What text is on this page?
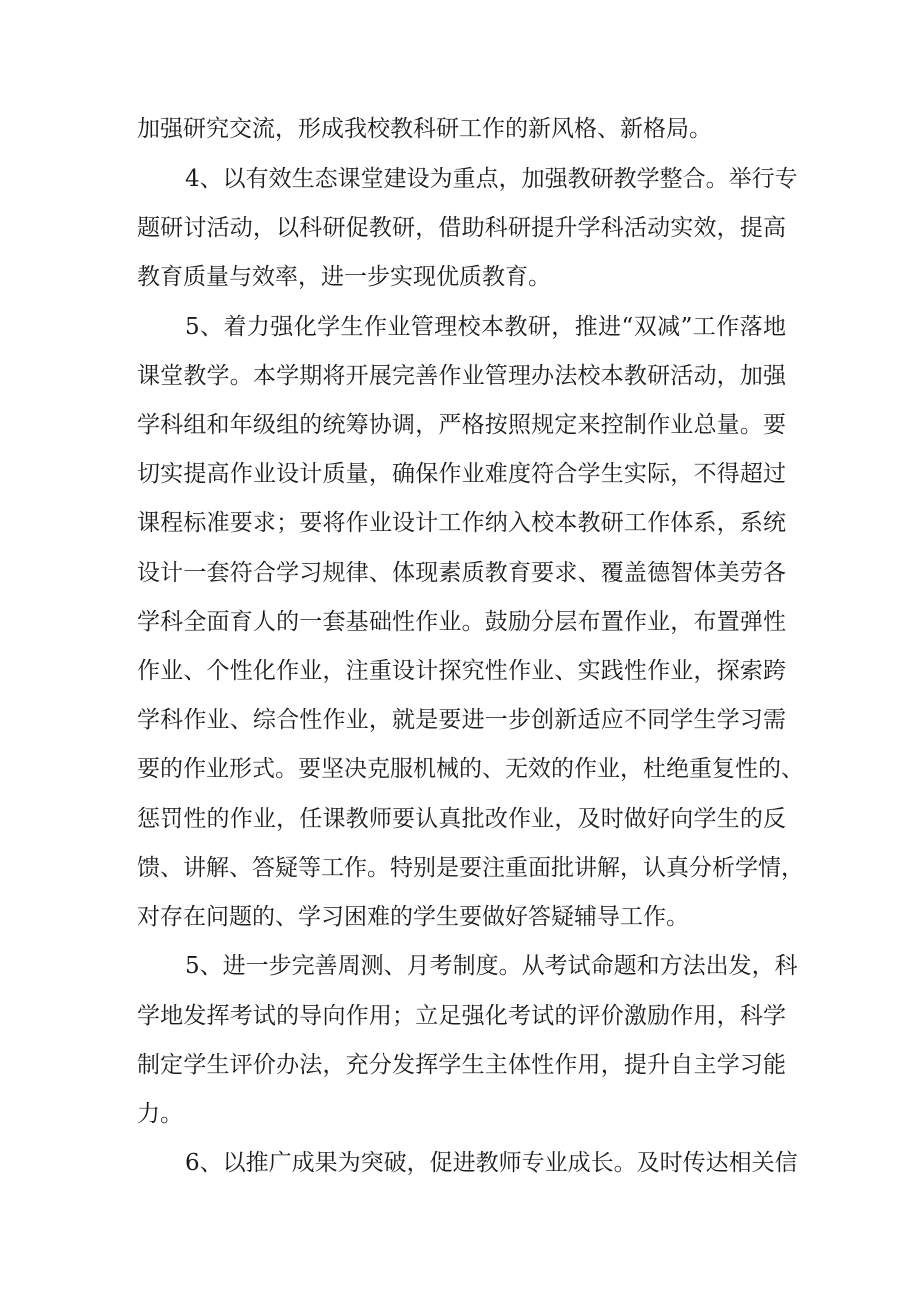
加强研究交流，形成我校教科研工作的新风格、新格局。
4、以有效生态课堂建设为重点，加强教研教学整合。举行专
题研讨活动，以科研促教研，借助科研提升学科活动实效，提高
教育质量与效率，进一步实现优质教育。
5、着力强化学生作业管理校本教研，推进“双减”工作落地
课堂教学。本学期将开展完善作业管理办法校本教研活动，加强
学科组和年级组的统筹协调，严格按照规定来控制作业总量。要
切实提高作业设计质量，确保作业难度符合学生实际，不得超过
课程标准要求；要将作业设计工作纳入校本教研工作体系，系统
设计一套符合学习规律、体现素质教育要求、覆盖德智体美劳各
学科全面育人的一套基础性作业。鼓励分层布置作业，布置弹性
作业、个性化作业，注重设计探究性作业、实践性作业，探索跨
学科作业、综合性作业，就是要进一步创新适应不同学生学习需
要的作业形式。要坚决克服机械的、无效的作业，杜绝重复性的、
惩罚性的作业，任课教师要认真批改作业，及时做好向学生的反
馈、讲解、答疑等工作。特别是要注重面批讲解，认真分析学情，
对存在问题的、学习困难的学生要做好答疑辅导工作。
5、进一步完善周测、月考制度。从考试命题和方法出发，科
学地发挥考试的导向作用；立足强化考试的评价激励作用，科学
制定学生评价办法，充分发挥学生主体性作用，提升自主学习能
力。
6、以推广成果为突破，促进教师专业成长。及时传达相关信
